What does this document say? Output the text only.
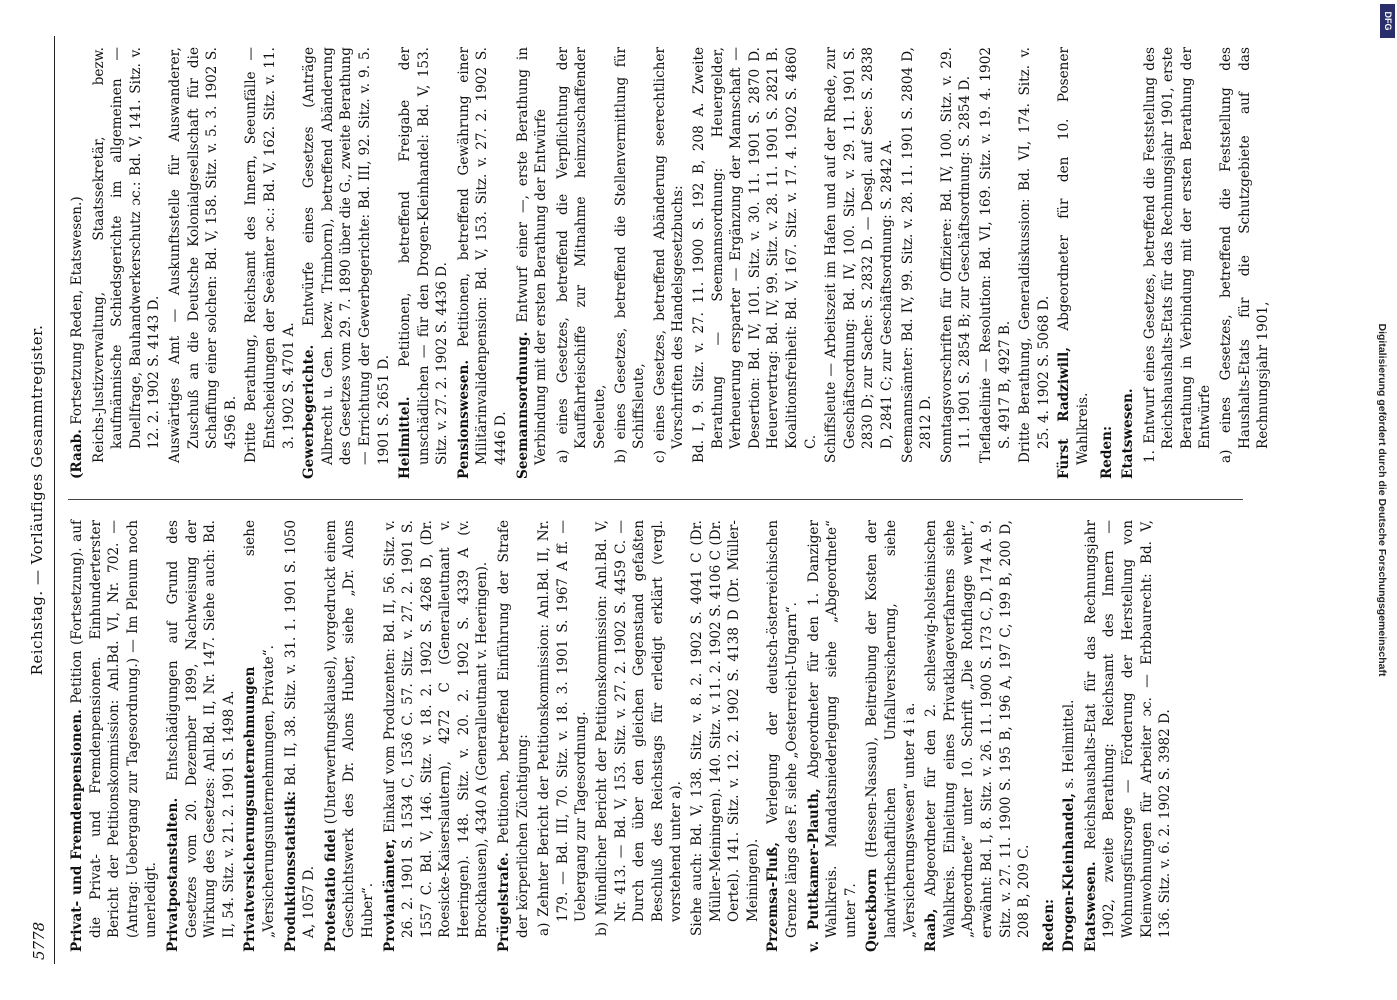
5778
Reichstag. — Vorläufiges Gesammtregister.
Privat- und Fremdenpensionen. Petition (Fortsetzung). auf die Privat- und Fremdenpensionen. Einhunderterster Bericht der Petitionskommission: Anl.Bd. VI, Nr. 702. — (Antrag: Uebergang zur Tagesordnung.) — Im Plenum noch unerledigt. Privatpostanstalten. Entschädigungen auf Grund des Gesetzes vom 20. Dezember 1899, Nachweisung der Wirkung des Gesetzes: Anl.Bd. II, Nr. 147. Siehe auch: Bd. II, 54. Sitz. v. 21. 2. 1901 S. 1498 A. Privatversicherungsunternehmungen siehe „Versicherungsunternehmungen, Private“. Produktionsstatistik: Bd. II, 38. Sitz. v. 31. 1. 1901 S. 1050 A, 1057 D. Protestatio fidei (Unterwerfungsklausel), vorgedruckt einem Geschichtswerk des Dr. Alons Huber, siehe „Dr. Alons Huber“. Proviantämter, Einkauf vom Produzenten: Bd. II, 56. Sitz. v. 26. 2. 1901 S. 1534 C, 1536 C. 57. Sitz. v. 27. 2. 1901 S. 1557 C. Bd. V, 146. Sitz. v. 18. 2. 1902 S. 4268 D, (Dr. Roesicke-Kaiserslautern), 4272 C (Generalleutnant v. Heeringen). 148. Sitz. v. 20. 2. 1902 S. 4339 A (v. Brockhausen), 4340 A (Generalleutnant v. Heeringen). Prügelstrafe. Petitionen, betreffend Einführung der Strafe der körperlichen Züchtigung: a) Zehnter Bericht der Petitionskommission: Anl.Bd. II, Nr. 179. — Bd. III, 70. Sitz. v. 18. 3. 1901 S. 1967 A ff. — Uebergang zur Tagesordnung. b) Mündlicher Bericht der Petitionskommission: Anl.Bd. V, Nr. 413. — Bd. V, 153. Sitz. v. 27. 2. 1902 S. 4459 C. — Durch den über den gleichen Gegenstand gefaßten Beschluß des Reichstags für erledigt erklärt (vergl. vorstehend unter a). Siehe auch: Bd. V, 138. Sitz. v. 8. 2. 1902 S. 4041 C (Dr. Müller-Meiningen). 140. Sitz. v. 11. 2. 1902 S. 4106 C (Dr. Oertel). 141. Sitz. v. 12. 2. 1902 S. 4138 D (Dr. Müller-Meiningen). Przemsa-Fluß, Verlegung der deutsch-österreichischen Grenze längs des F. siehe „Oesterreich-Ungarn“. v. Puttkamer-Plauth, Abgeordneter für den 1. Danziger Wahlkreis. Mandatsniederlegung siehe „Abgeordnete“ unter 7. Queckborn (Hessen-Nassau), Beitreibung der Kosten der landwirthschaftlichen Unfallversicherung, siehe „Versicherungswesen“ unter 4 i a. Raab, Abgeordneter für den 2. schleswig-holsteinischen Wahlkreis. Einleitung eines Privatklageverfahrens siehe „Abgeordnete“ unter 10. Schrift „Die Rothflagge weht“, erwähnt: Bd. I, 8. Sitz. v. 26. 11. 1900 S. 173 C, D, 174 A. 9. Sitz. v. 27. 11. 1900 S. 195 B, 196 A, 197 C, 199 B, 200 D, 208 B, 209 C. Reden: Drogen-Kleinhandel, s. Heilmittel.
Etatswesen. Reichshaushalts-Etat für das Rechnungsjahr 1902, zweite Berathung: Reichsamt des Innern — Wohnungsfürsorge — Förderung der Herstellung von Kleinwohnungen für Arbeiter ɔc. — Erbbaurecht: Bd. V, 136. Sitz. v. 6. 2. 1902 S. 3982 D.
(Raab. Fortsetzung Reden, Etatswesen.) Reichs-Justizverwaltung, Staatssekretär, bezw. kaufmännische Schiedsgerichte im allgemeinen — Duellfrage, Bauhandwerkerschutz ɔc.: Bd. V, 141. Sitz. v. 12. 2. 1902 S. 4143 D. Auswärtiges Amt — Auskunftsstelle für Auswanderer, Zuschuß an die Deutsche Kolonialgesellschaft für die Schaffung einer solchen: Bd. V, 158. Sitz. v. 5. 3. 1902 S. 4596 B. Dritte Berathung, Reichsamt des Innern, Seeunfälle — Entscheidungen der Seeämter ɔc.: Bd. V, 162. Sitz. v. 11. 3. 1902 S. 4701 A. Gewerbegerichte. Entwürfe eines Gesetzes (Anträge Albrecht u. Gen. bezw. Trimborn), betreffend Abänderung des Gesetzes vom 29. 7. 1890 über die G., zweite Berathung — Errichtung der Gewerbegerichte: Bd. III, 92. Sitz. v. 9. 5. 1901 S. 2651 D. Heilmittel. Petitionen, betreffend Freigabe der unschädlichen — für den Drogen-Kleinhandel: Bd. V, 153. Sitz. v. 27. 2. 1902 S. 4436 D. Pensionswesen. Petitionen, betreffend Gewährung einer Militärinvalidenpension: Bd. V, 153. Sitz. v. 27. 2. 1902 S. 4446 D. Seemannsordnung. Entwurf einer —, erste Berathung in Verbindung mit der ersten Berathung der Entwürfe a) eines Gesetzes, betreffend die Verpflichtung der Kauffahrteischiffe zur Mitnahme heimzuschaffender Seeleute, b) eines Gesetzes, betreffend die Stellenvermittlung für Schiffsleute, c) eines Gesetzes, betreffend Abänderung seerechtlicher Vorschriften des Handelsgesetzbuchs: Bd. I, 9. Sitz. v. 27. 11. 1900 S. 192 B, 208 A. Zweite Berathung — Seemannsordnung: Heuergelder, Verheuerung ersparter — Ergänzung der Mannschaft — Desertion: Bd. IV, 101. Sitz. v. 30. 11. 1901 S. 2870 D. Heuervertrag: Bd. IV, 99. Sitz. v. 28. 11. 1901 S. 2821 B. Koalitionsfreiheit: Bd. V, 167. Sitz. v. 17. 4. 1902 S. 4860 C. Schiffsleute — Arbeitszeit im Hafen und auf der Rhede, zur Geschäftsordnung: Bd. IV, 100. Sitz. v. 29. 11. 1901 S. 2830 D; zur Sache: S. 2832 D. — Desgl. auf See: S. 2838 D, 2841 C; zur Geschäftsordnung: S. 2842 A. Seemannsämter: Bd. IV, 99. Sitz. v. 28. 11. 1901 S. 2804 D, 2812 D. Sonntagsvorschriften für Offiziere: Bd. IV, 100. Sitz. v. 29. 11. 1901 S. 2854 B; zur Geschäftsordnung: S. 2854 D. Tiefladelinie — Resolution: Bd. VI, 169. Sitz. v. 19. 4. 1902 S. 4917 B, 4927 B. Dritte Berathung, Generaldiskussion: Bd. VI, 174. Sitz. v. 25. 4. 1902 S. 5068 D. Fürst Radziwill, Abgeordneter für den 10. Posener Wahlkreis. Reden: Etatswesen. 1. Entwurf eines Gesetzes, betreffend die Feststellung des Reichshaushalts-Etats für das Rechnungsjahr 1901, erste Berathung in Verbindung mit der ersten Berathung der Entwürfe a) eines Gesetzes, betreffend die Feststellung des Haushalts-Etats für die Schutzgebiete auf das Rechnungsjahr 1901,	Digitalisierung gefördert durch die Deutsche Forschungsgemeinschaft
DFG
